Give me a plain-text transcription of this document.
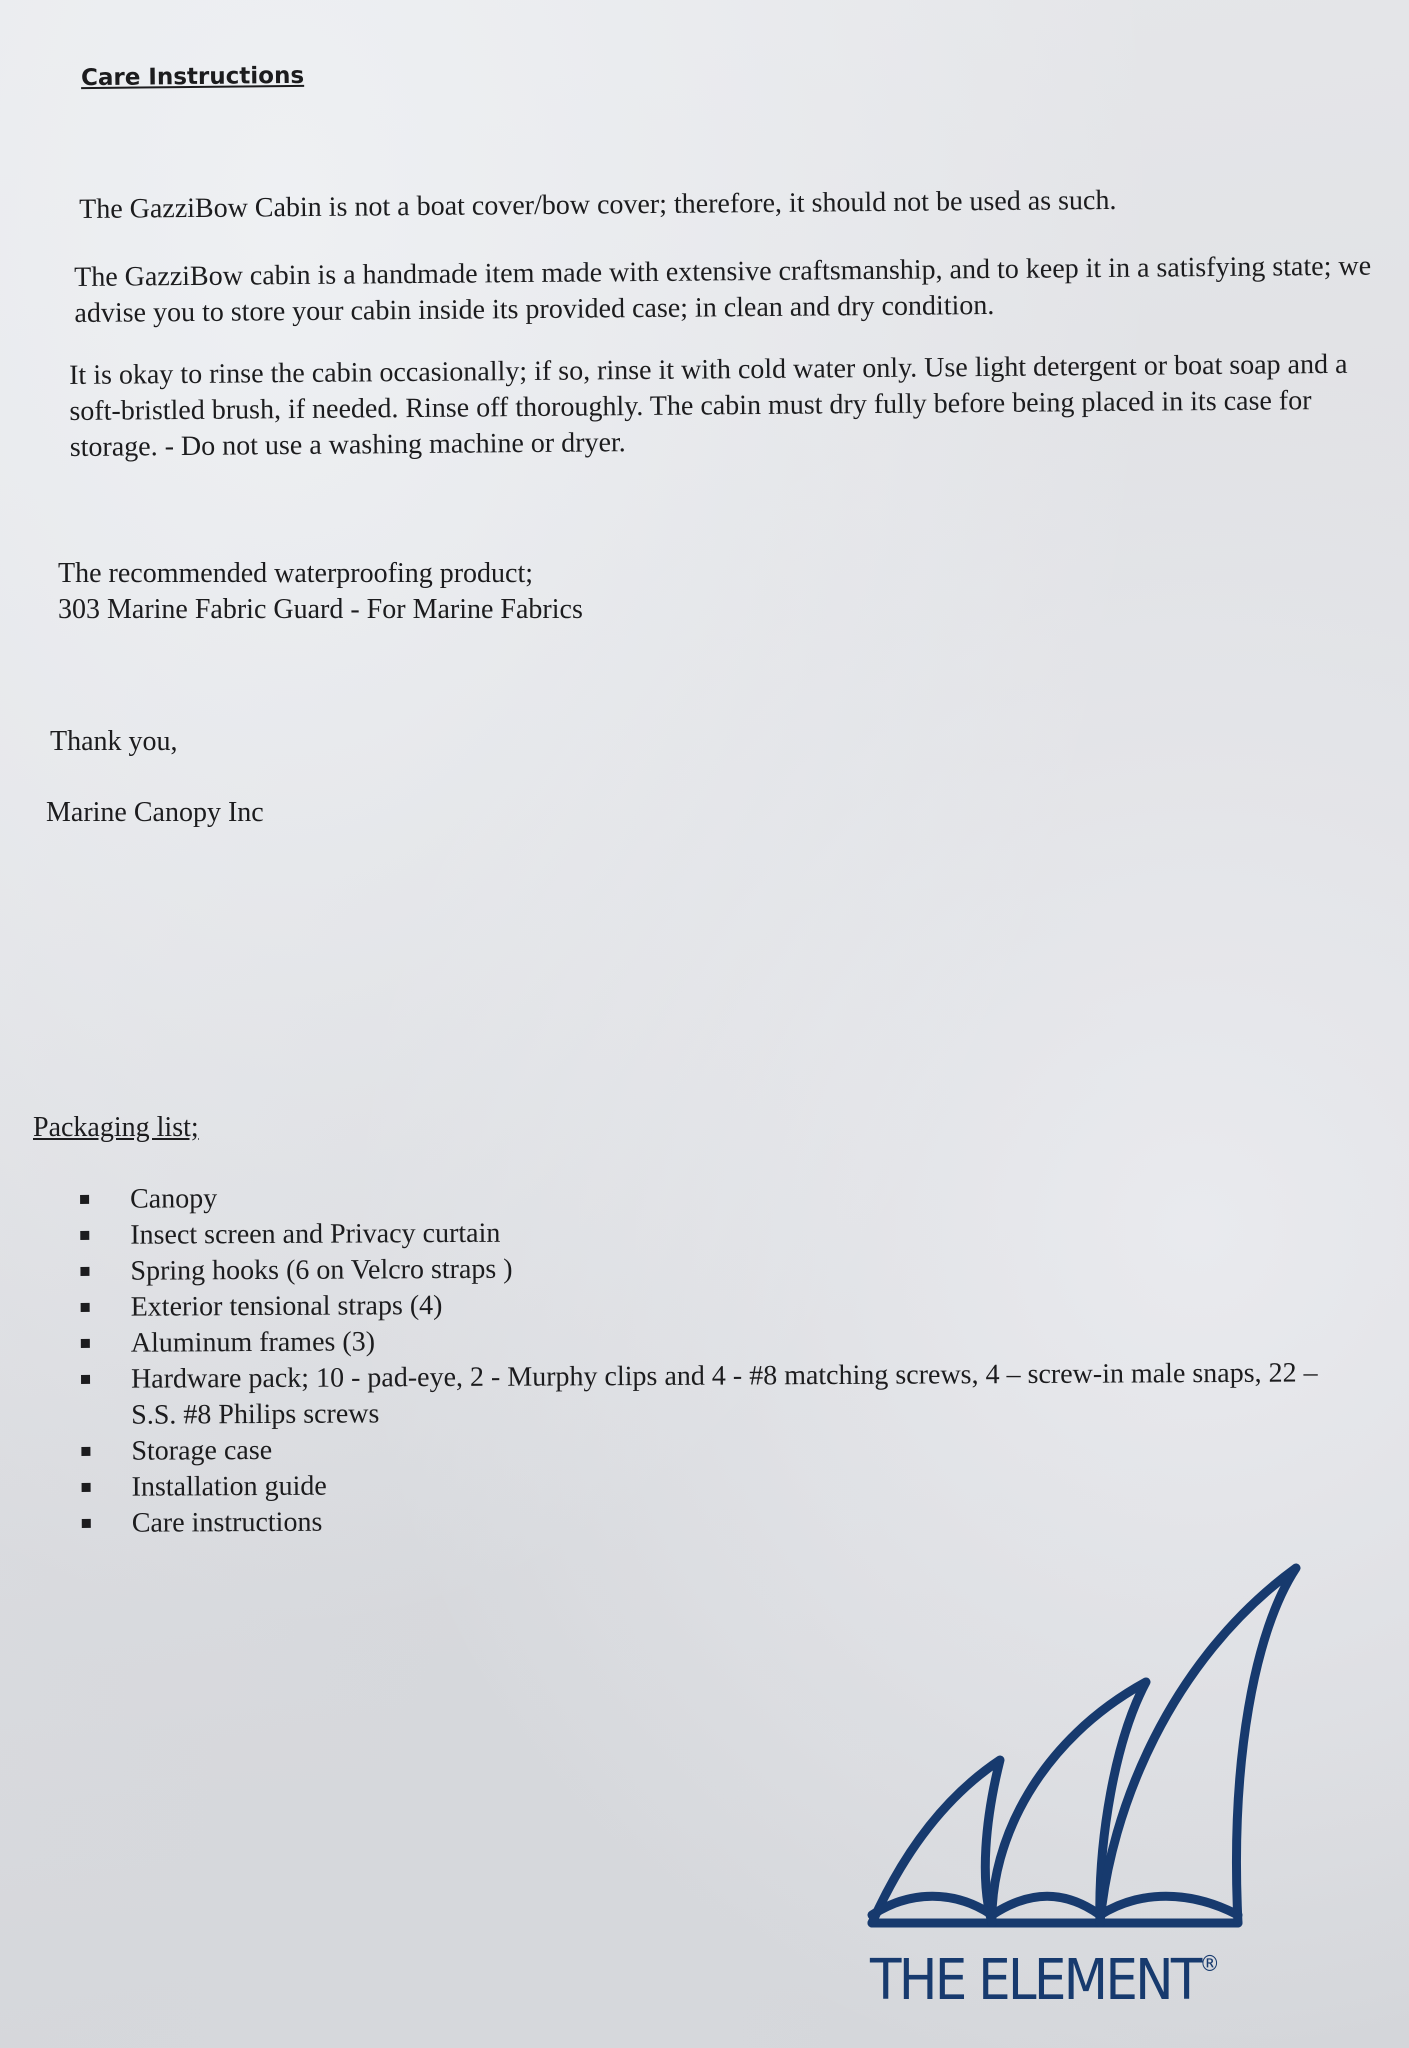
Care Instructions

The GazziBow Cabin is not a boat cover/bow cover; therefore, it should not be used as such.

The GazziBow cabin is a handmade item made with extensive craftsmanship, and to keep it in a satisfying state; we advise you to store your cabin inside its provided case; in clean and dry condition.

It is okay to rinse the cabin occasionally; if so, rinse it with cold water only. Use light detergent or boat soap and a soft-bristled brush, if needed. Rinse off thoroughly. The cabin must dry fully before being placed in its case for storage. - Do not use a washing machine or dryer.

The recommended waterproofing product;
303 Marine Fabric Guard - For Marine Fabrics
Thank you,
Marine Canopy Inc
Packaging list;
Canopy
Insect screen and Privacy curtain
Spring hooks (6 on Velcro straps )
Exterior tensional straps (4)
Aluminum frames (3)
Hardware pack; 10 - pad-eye, 2 - Murphy clips and 4 - #8 matching screws, 4 – screw-in male snaps, 22 – S.S. #8 Philips screws
Storage case
Installation guide
Care instructions
THE ELEMENT®
